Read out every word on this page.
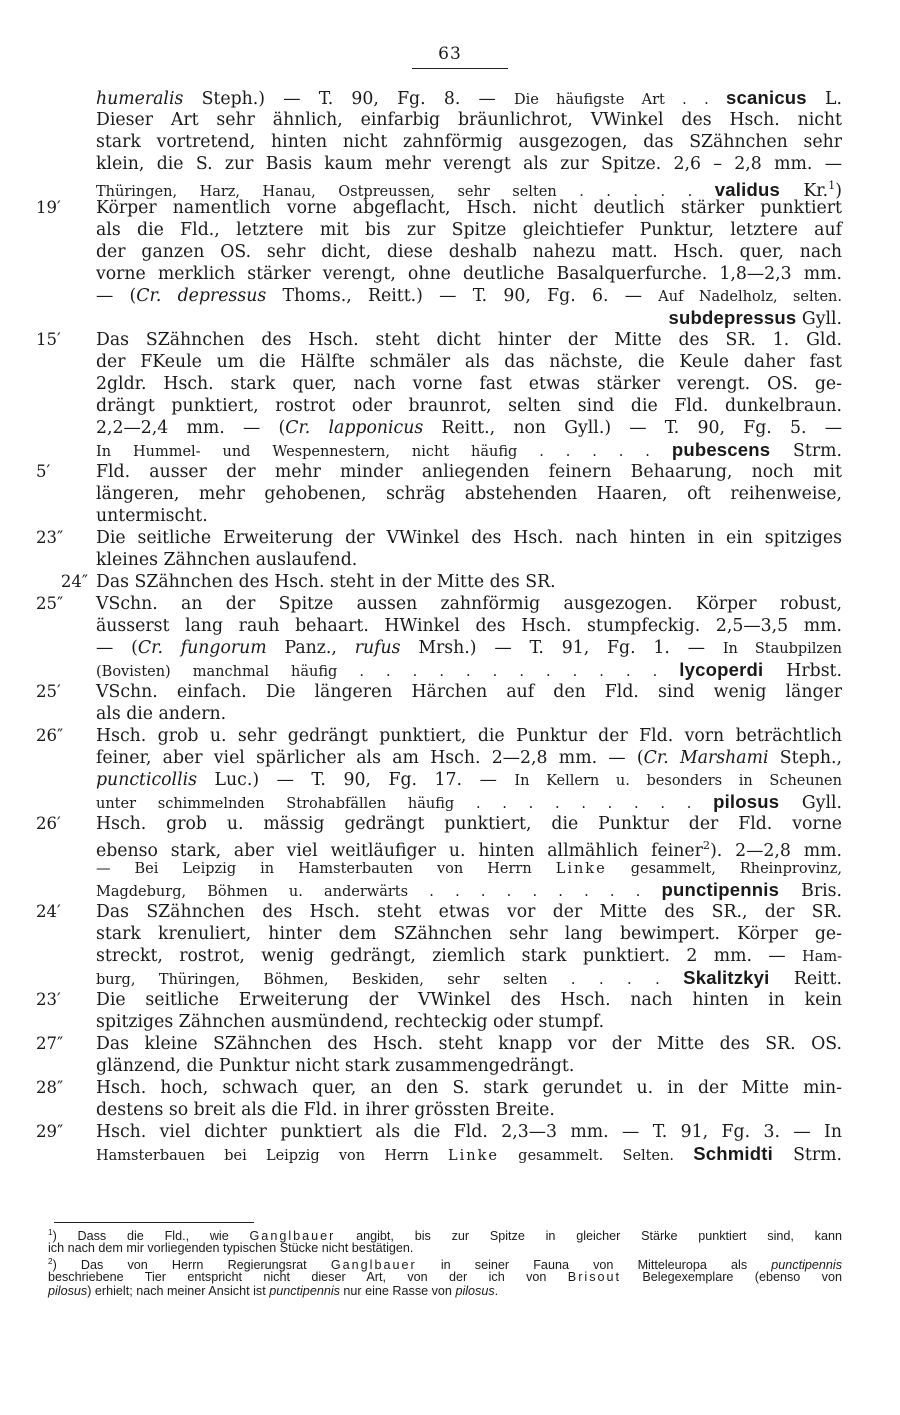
63
humeralis Steph.) — T. 90, Fg. 8. — Die häufigste Art . . scanicus L.
Dieser Art sehr ähnlich, einfarbig bräunlichrot, VWinkel des Hsch. nicht
stark vortretend, hinten nicht zahnförmig ausgezogen, das SZähnchen sehr
klein, die S. zur Basis kaum mehr verengt als zur Spitze. 2,6 – 2,8 mm. —
Thüringen, Harz, Hanau, Ostpreussen, sehr selten . . . . . validus Kr.$^1$)
19′	Körper namentlich vorne abgeflacht, Hsch. nicht deutlich stärker punktiert
als die Fld., letztere mit bis zur Spitze gleichtiefer Punktur, letztere auf
der ganzen OS. sehr dicht, diese deshalb nahezu matt. Hsch. quer, nach
vorne merklich stärker verengt, ohne deutliche Basalquerfurche. 1,8—2,3 mm.
— (Cr. depressus Thoms., Reitt.) — T. 90, Fg. 6. — Auf Nadelholz, selten.
subdepressus Gyll.
15′	Das SZähnchen des Hsch. steht dicht hinter der Mitte des SR. 1. Gld.
der FKeule um die Hälfte schmäler als das nächste, die Keule daher fast
2gldr. Hsch. stark quer, nach vorne fast etwas stärker verengt. OS. ge-
drängt punktiert, rostrot oder braunrot, selten sind die Fld. dunkelbraun.
2,2—2,4 mm. — (Cr. lapponicus Reitt., non Gyll.) — T. 90, Fg. 5. —
In Hummel- und Wespennestern, nicht häufig . . . . . pubescens Strm.
5′	Fld. ausser der mehr minder anliegenden feinern Behaarung, noch mit
längeren, mehr gehobenen, schräg abstehenden Haaren, oft reihenweise,
untermischt.
23″	Die seitliche Erweiterung der VWinkel des Hsch. nach hinten in ein spitziges
kleines Zähnchen auslaufend.
24″ Das SZähnchen des Hsch. steht in der Mitte des SR.
25″	VSchn. an der Spitze aussen zahnförmig ausgezogen. Körper robust,
äusserst lang rauh behaart. HWinkel des Hsch. stumpfeckig. 2,5—3,5 mm.
— (Cr. fungorum Panz., rufus Mrsh.) — T. 91, Fg. 1. — In Staubpilzen
(Bovisten) manchmal häufig . . . . . . . . . . . . lycoperdi Hrbst.
25′	VSchn. einfach. Die längeren Härchen auf den Fld. sind wenig länger
als die andern.
26″	Hsch. grob u. sehr gedrängt punktiert, die Punktur der Fld. vorn beträchtlich
feiner, aber viel spärlicher als am Hsch. 2—2,8 mm. — (Cr. Marshami Steph.,
puncticollis Luc.) — T. 90, Fg. 17. — In Kellern u. besonders in Scheunen
unter schimmelnden Strohabfällen häufig . . . . . . . . . pilosus Gyll.
26′	Hsch. grob u. mässig gedrängt punktiert, die Punktur der Fld. vorne
ebenso stark, aber viel weitläufiger u. hinten allmählich feiner$^2$). 2—2,8 mm.
— Bei Leipzig in Hamsterbauten von Herrn Linke gesammelt, Rheinprovinz,
Magdeburg, Böhmen u. anderwärts . . . . . . . . . punctipennis Bris.
24′	Das SZähnchen des Hsch. steht etwas vor der Mitte des SR., der SR.
stark krenuliert, hinter dem SZähnchen sehr lang bewimpert. Körper ge-
streckt, rostrot, wenig gedrängt, ziemlich stark punktiert. 2 mm. — Ham-
burg, Thüringen, Böhmen, Beskiden, sehr selten . . . . Skalitzkyi Reitt.
23′	Die seitliche Erweiterung der VWinkel des Hsch. nach hinten in kein
spitziges Zähnchen ausmündend, rechteckig oder stumpf.
27″	Das kleine SZähnchen des Hsch. steht knapp vor der Mitte des SR. OS.
glänzend, die Punktur nicht stark zusammengedrängt.
28″	Hsch. hoch, schwach quer, an den S. stark gerundet u. in der Mitte min-
destens so breit als die Fld. in ihrer grössten Breite.
29″	Hsch. viel dichter punktiert als die Fld. 2,3—3 mm. — T. 91, Fg. 3. — In
Hamsterbauen bei Leipzig von Herrn Linke gesammelt. Selten. Schmidti Strm.
$^1$) Dass die Fld., wie Ganglbauer angibt, bis zur Spitze in gleicher Stärke punktiert sind, kann
ich nach dem mir vorliegenden typischen Stücke nicht bestätigen.
$^2$) Das von Herrn Regierungsrat Ganglbauer in seiner Fauna von Mitteleuropa als punctipennis
beschriebene Tier entspricht nicht dieser Art, von der ich von Brisout Belegexemplare (ebenso von
pilosus) erhielt; nach meiner Ansicht ist punctipennis nur eine Rasse von pilosus.
